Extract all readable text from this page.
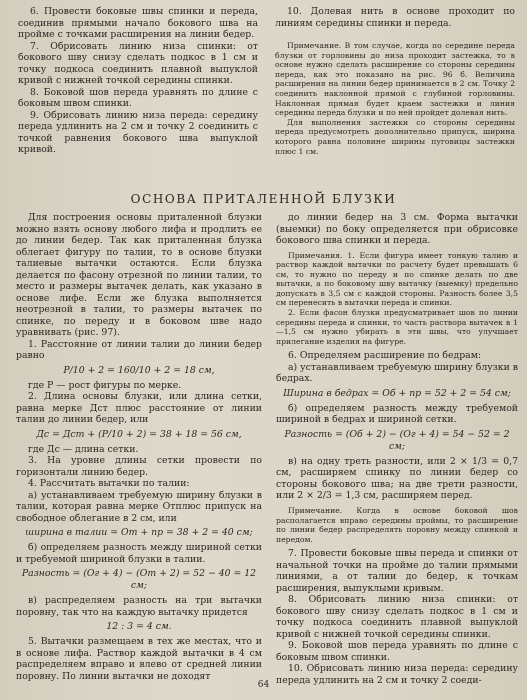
6. Провести боковые швы спинки и переда, соединив прямыми начало бокового шва на пройме с точками расширения на линии бедер.

7. Обрисовать линию низа спинки: от бокового шву снизу сделать подкос в 1 см и точку подкоса соединить плавной выпуклой кривой с нижней точкой середины спинки.

8. Боковой шов переда уравнять по длине с боковым швом спинки.

9. Обрисовать линию низа переда: середину переда удлинить на 2 см и точку 2 соединить с точкой равнения бокового шва выпуклой кривой.

10. Долевая нить в основе проходит по линиям середины спинки и переда.

Примечание. В том случае, когда по середине переда блузки от горловины до низа проходит застежка, то в основе нужно сделать расширение со стороны середины переда, как это показано на рис. 96 б. Величина расширения на линии бедер принимается в 2 см. Точку 2 соединить наклонной прямой с глубиной горловины. Наклонная прямая будет краем застежки и линия середины переда блузки и по ней пройдет долевая нить.

Для выполнения застежки со стороны середины переда предусмотреть дополнительно припуск, ширина которого равна половине ширины пуговицы застежки плюс 1 см.

ОСНОВА ПРИТАЛЕННОЙ БЛУЗКИ

Для построения основы приталенной блузки можно взять основу любого лифа и продлить ее до линии бедер. Так как приталенная блузка облегает фигуру по талии, то в основе блузки талиевые вытачки остаются. Если блузка делается по фасону отрезной по линии талии, то место и размеры вытачек делать, как указано в основе лифе. Если же блузка выполняется неотрезной в талии, то размеры вытачек по спинке, по переду и в боковом шве надо уравнивать (рис. 97).

1. Расстояние от линии талии до линии бедер равно

P/10 + 2 = 160/10 + 2 = 18 см,

где P — рост фигуры по мерке.

2. Длина основы блузки, или длина сетки, равна мерке Дст плюс расстояние от линии талии до линии бедер, или

Дс = Дст + (P/10 + 2) = 38 + 18 = 56 см,

где Дс — длина сетки.

3. На уровне длины сетки провести по горизонтали линию бедер.

4. Рассчитать вытачки по талии:

а) устанавливаем требуемую ширину блузки в талии, которая равна мерке Отплюс припуск на свободное облегание в 2 см, или

ширина в талии = От + пр = 38 + 2 = 40 см;

б) определяем разность между шириной сетки и требуемой шириной блузки в талии.

Разность = (Ог + 4) − (От + 2) = 52 − 40 = 12 см;

в) распределяем разность на три вытачки поровну, так что на каждую вытачку придется

12 : 3 = 4 см.

5. Вытачки размещаем в тех же местах, что и в основе лифа. Раствор каждой вытачки в 4 см распределяем вправо и влево от средней линии поровну. По линии вытачки не доходят

до линии бедер на 3 см. Форма вытачки (выемки) по боку определяется при обрисовке бокового шва спинки и переда.

Примечания. 1. Если фигура имеет тонкую талию и раствор каждой вытачки по расчету будет превышать 6 см, то нужно по переду и по спинке делать по две вытачки, а по боковому шву вытачку (выемку) предельно допускать в 3,5 см с каждой стороны. Разность более 3,5 см перенесить в вытачки переда и спинки.

2. Если фасон блузки предусматривает шов по линии середины переда и спинки, то часть раствора вытачек в 1—1,5 см нужно убирать в эти швы, что улучшает прилегание изделия на фигуре.

6. Определяем расширение по бедрам:

а) устанавливаем требуемую ширину блузки в бедрах.

Ширина в бедрах = Об + пр = 52 + 2 = 54 см;

б) определяем разность между требуемой шириной в бедрах и шириной сетки.

Разность = (Об + 2) − (Ог + 4) = 54 − 52 = 2 см;

в) на одну треть разности, или 2 × 1/3 = 0,7 см, расширяем спинку по линии бедер со стороны бокового шва; на две трети разности, или 2 × 2/3 = 1,3 см, расширяем перед.

Примечание. Когда в основе боковой шов располагается вправо середины проймы, то расширение по линии бедер распределять поровну между спинкой и передом.

7. Провести боковые швы переда и спинки от начальной точки на пройме до талии прямыми линиями, а от талии до бедер, к точкам расширения, выпуклыми кривым.

8. Обрисовать линию низа спинки: от бокового шву снизу сделать подкос в 1 см и точку подкоса соединить плавной выпуклой кривой с нижней точкой середины спинки.

9. Боковой шов переда уравнять по длине с боковым швом спинки.

10. Обрисовать линию низа переда: середину переда удлинить на 2 см и точку 2 соеди-

64
